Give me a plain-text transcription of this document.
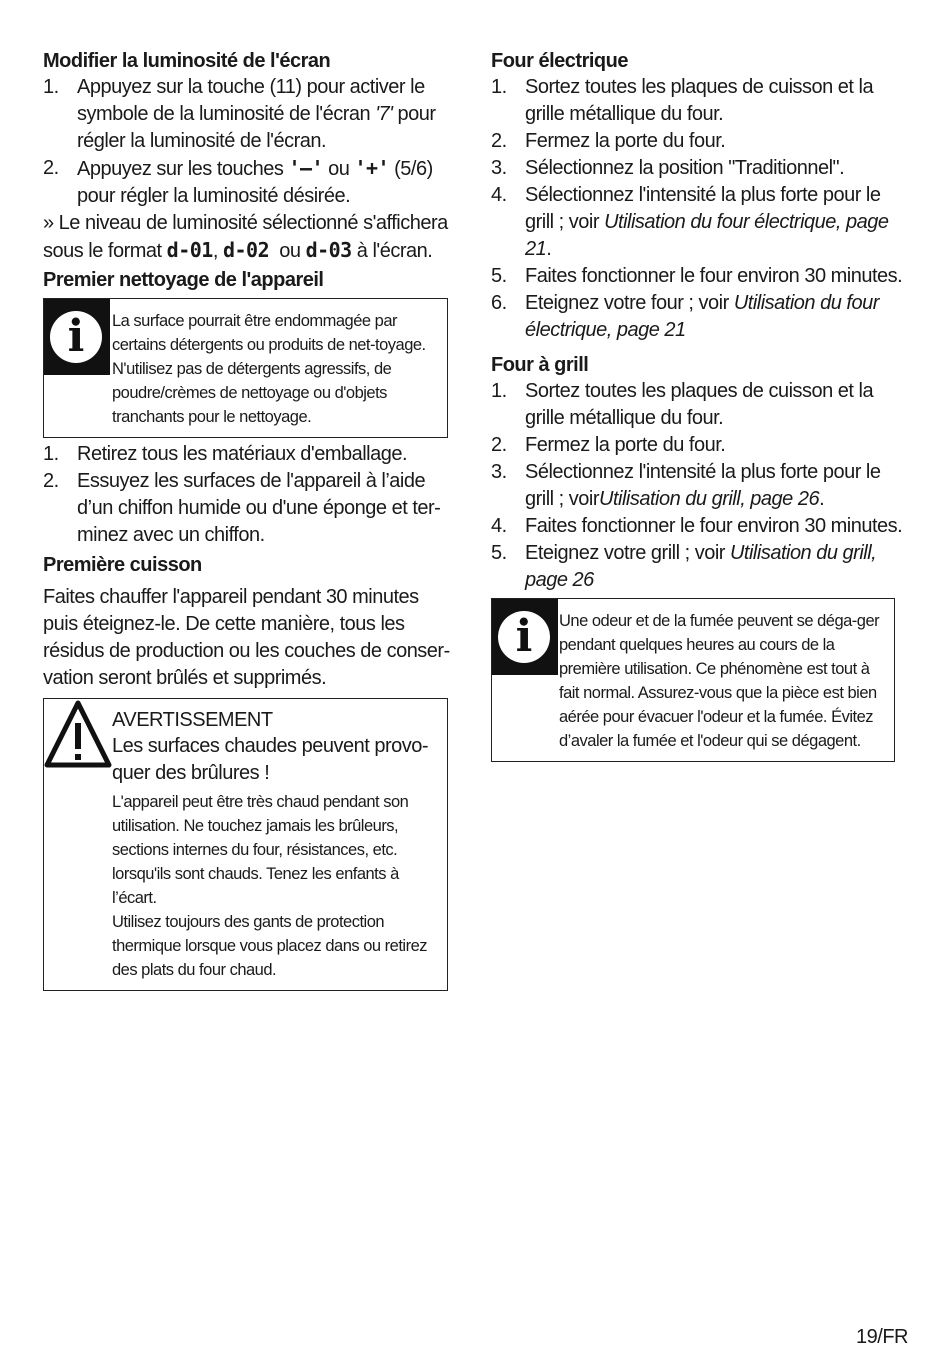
Modifier la luminosité de l'écran
1. Appuyez sur la touche (11) pour activer le symbole de la luminosité de l'écran '7' pour régler la luminosité de l'écran.
2. Appuyez sur les touches '–' ou '+' (5/6) pour régler la luminosité désirée.

» Le niveau de luminosité sélectionné s'affichera sous le format d-01, d-02  ou d-03 à l'écran.

Premier nettoyage de l'appareil
i	La surface pourrait être endommagée par certains détergents ou produits de net-toyage.
N'utilisez pas de détergents agressifs, de poudre/crèmes de nettoyage ou d'objets tranchants pour le nettoyage.
1. Retirez tous les matériaux d'emballage.
2. Essuyez les surfaces de l'appareil à l’aide d’un chiffon humide ou d'une éponge et ter-minez avec un chiffon.
Première cuisson

Faites chauffer l'appareil pendant 30 minutes puis éteignez-le. De cette manière, tous les résidus de production ou les couches de conser-vation seront brûlés et supprimés.

AVERTISSEMENT
Les surfaces chaudes peuvent provo-quer des brûlures !
L'appareil peut être très chaud pendant son utilisation. Ne touchez jamais les brûleurs, sections internes du four, résistances, etc. lorsqu'ils sont chauds. Tenez les enfants à l’écart.
Utilisez toujours des gants de protection thermique lorsque vous placez dans ou retirez des plats du four chaud.
Four électrique
1. Sortez toutes les plaques de cuisson et la grille métallique du four.
2. Fermez la porte du four.
3. Sélectionnez la position "Traditionnel".
4. Sélectionnez l'intensité la plus forte pour le grill ; voir Utilisation du four électrique, page 21.
5. Faites fonctionner le four environ 30 minutes.
6. Eteignez votre four ; voir Utilisation du four électrique, page 21
Four à grill
1. Sortez toutes les plaques de cuisson et la grille métallique du four.
2. Fermez la porte du four.
3. Sélectionnez l'intensité la plus forte pour le grill ; voirUtilisation du grill, page 26.
4. Faites fonctionner le four environ 30 minutes.
5. Eteignez votre grill ; voir Utilisation du grill, page 26
i	Une odeur et de la fumée peuvent se déga-ger pendant quelques heures au cours de la première utilisation. Ce phénomène est tout à fait normal. Assurez-vous que la pièce est bien aérée pour évacuer l'odeur et la fumée. Évitez d’avaler la fumée et l'odeur qui se dégagent.
19/FR
